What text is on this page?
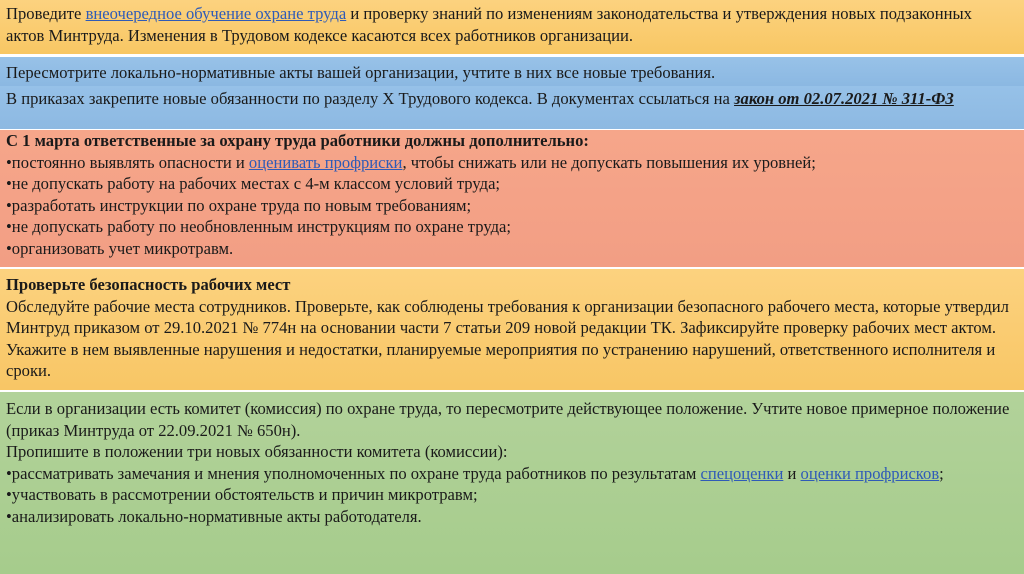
Проведите внеочередное обучение охране труда и проверку знаний по изменениям законодательства и утверждения новых подзаконных актов Минтруда. Изменения в Трудовом кодексе касаются всех работников организации.

Пересмотрите локально-нормативные акты вашей организации, учтите в них все новые требования.

В приказах закрепите новые обязанности по разделу X Трудового кодекса. В документах ссылаться на закон от 02.07.2021 № 311-ФЗ

С 1 марта ответственные за охрану труда работники должны дополнительно:

•постоянно выявлять опасности и оценивать профриски, чтобы снижать или не допускать повышения их уровней;

•не допускать работу на рабочих местах с 4-м классом условий труда;

•разработать инструкции по охране труда по новым требованиям;

•не допускать работу по необновленным инструкциям по охране труда;

•организовать учет микротравм.

Проверьте безопасность рабочих мест

Обследуйте рабочие места сотрудников. Проверьте, как соблюдены требования к организации безопасного рабочего места, которые утвердил Минтруд приказом от 29.10.2021 № 774н на основании части 7 статьи 209 новой редакции ТК. Зафиксируйте проверку рабочих мест актом. Укажите в нем выявленные нарушения и недостатки, планируемые мероприятия по устранению нарушений, ответственного исполнителя и сроки.

Если в организации есть комитет (комиссия) по охране труда, то пересмотрите действующее положение. Учтите новое примерное положение (приказ Минтруда от 22.09.2021 № 650н).

Пропишите в положении три новых обязанности комитета (комиссии):

•рассматривать замечания и мнения уполномоченных по охране труда работников по результатам спецоценки и оценки профрисков;

•участвовать в рассмотрении обстоятельств и причин микротравм;

•анализировать локально-нормативные акты работодателя.
